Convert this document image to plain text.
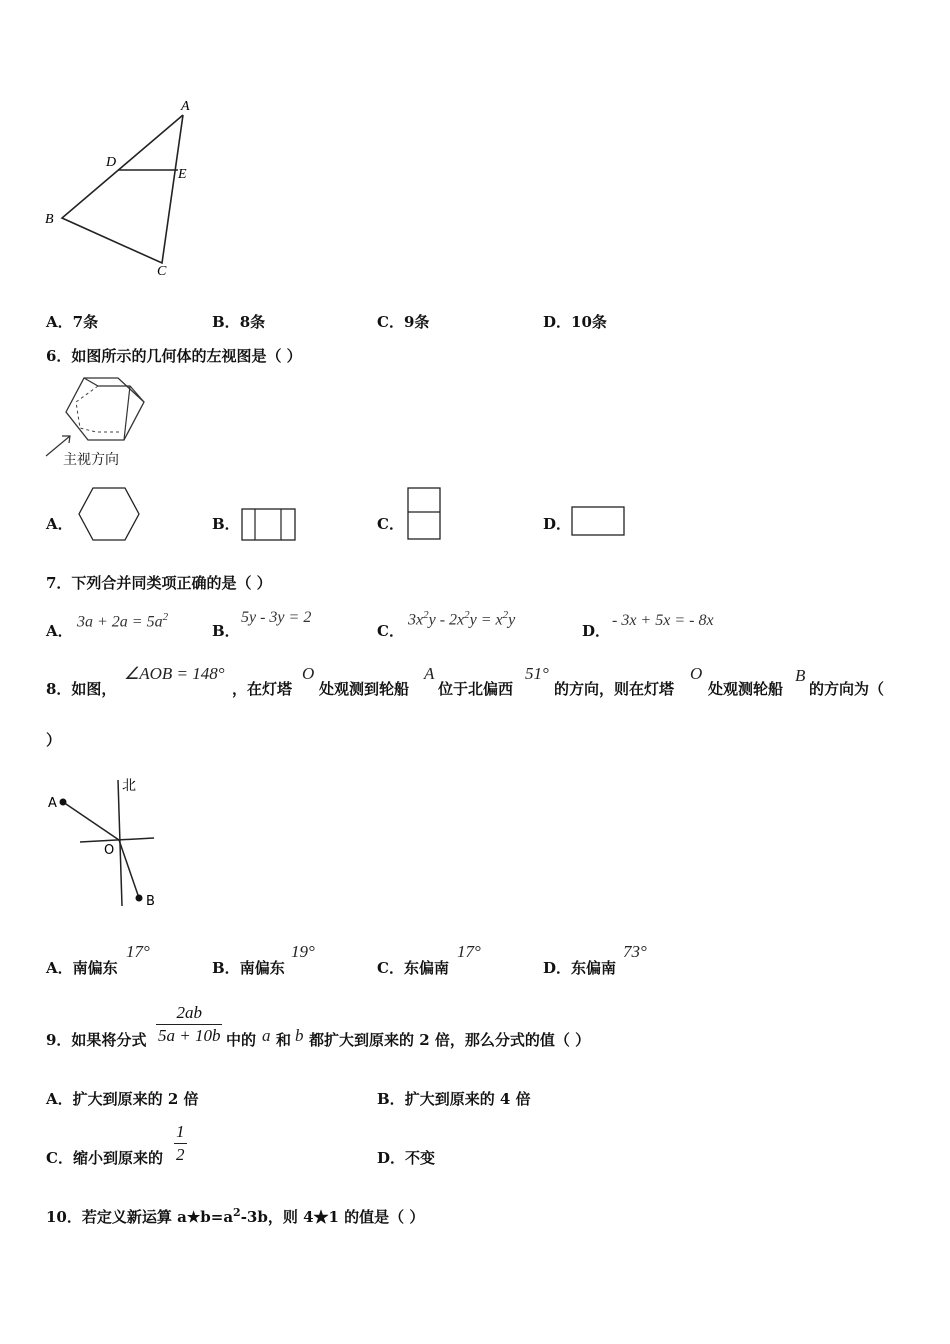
A
D
E
B
C
A．7条	B．8条	C．9条	D．10条
6．如图所示的几何体的左视图是（ ）
主视方向
A．	B．	C．	D．
7．下列合并同类项正确的是（ ）
A．
$3a + 2a = 5a^2$
B．
5y - 3y = 2
C．
$3x^2y - 2x^2y = x^2y$
D．
- 3x + 5x = - 8x
8．如图，
∠AOB = 148°
，在灯塔
O
处观测到轮船
A
位于北偏西
51°
的方向，则在灯塔
O
处观测轮船
B
的方向为（
）
北
A
O
B
A．南偏东
17°
B．南偏东
19°
C．东偏南
17°
D．东偏南
73°
9．如果将分式 $\frac{2ab}{5a + 10b}$ 中的 a 和 b 都扩大到原来的 2 倍，那么分式的值（ ）
A．扩大到原来的 2 倍	B．扩大到原来的 4 倍
C．缩小到原来的 $\frac{1}{2}$	D．不变
10．若定义新运算 $a★b=a^2-3b$，则 4★1 的值是（ ）
